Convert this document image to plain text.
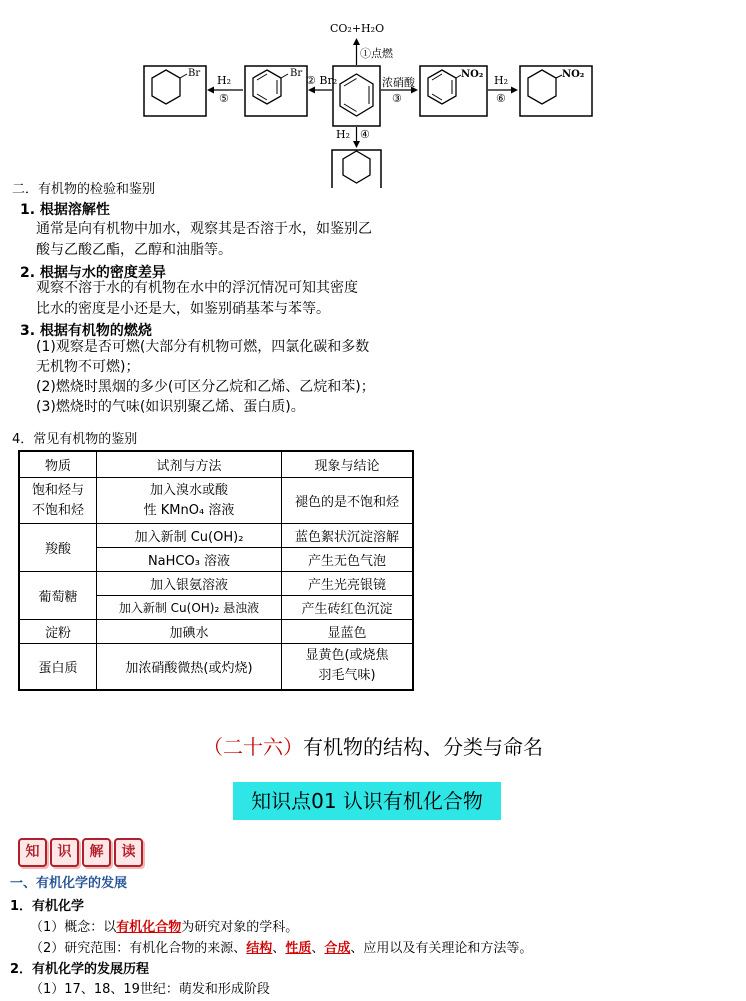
CO₂+H₂O
①点燃
Br
Br
H₂
⑤
② Br₂	浓硝酸
③
NO₂ H₂
⑥
NO₂
H₂ ④
二．有机物的检验和鉴别
1. 根据溶解性
通常是向有机物中加水，观察其是否溶于水，如鉴别乙
酸与乙酸乙酯，乙醇和油脂等。
2. 根据与水的密度差异
观察不溶于水的有机物在水中的浮沉情况可知其密度
比水的密度是小还是大，如鉴别硝基苯与苯等。
3. 根据有机物的燃烧
(1)观察是否可燃(大部分有机物可燃，四氯化碳和多数
无机物不可燃)；
(2)燃烧时黑烟的多少(可区分乙烷和乙烯、乙烷和苯)；
(3)燃烧时的气味(如识别聚乙烯、蛋白质)。
4．常见有机物的鉴别
物质	试剂与方法	现象与结论
饱和烃与
不饱和烃	加入溴水或酸
性 KMnO₄ 溶液	褪色的是不饱和烃
羧酸	加入新制 Cu(OH)₂	蓝色絮状沉淀溶解
	NaHCO₃ 溶液	产生无色气泡
葡萄糖	加入银氨溶液	产生光亮银镜
	加入新制 Cu(OH)₂ 悬浊液	产生砖红色沉淀
淀粉	加碘水	显蓝色
蛋白质	加浓硝酸微热(或灼烧)	显黄色(或烧焦
羽毛气味)
（二十六）有机物的结构、分类与命名
知识点01 认识有机化合物
知	识	解	读
一、有机化学的发展
1．有机化学
（1）概念：以有机化合物为研究对象的学科。
（2）研究范围：有机化合物的来源、结构、性质、合成、应用以及有关理论和方法等。
2．有机化学的发展历程
（1）17、18、19世纪：萌发和形成阶段
